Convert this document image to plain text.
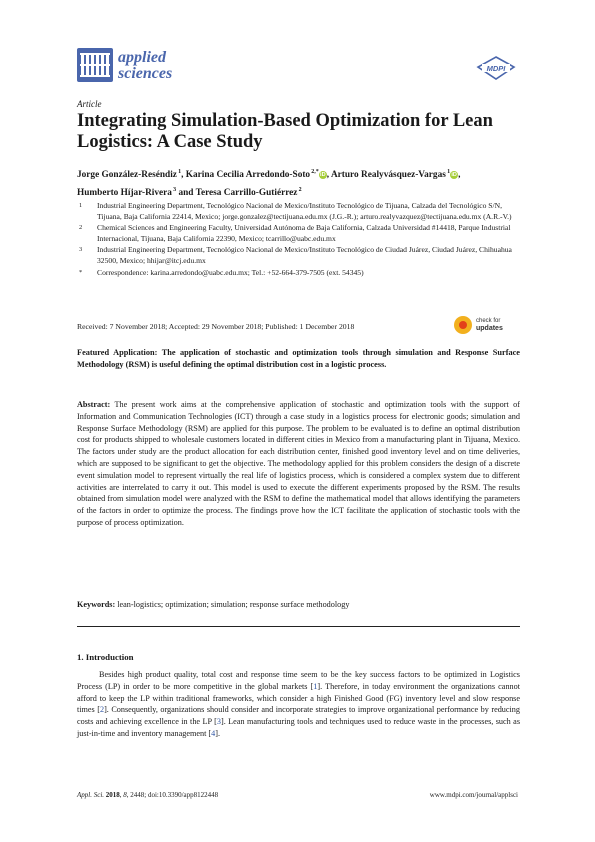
applied
sciences	MDPI
Article
Integrating Simulation-Based Optimization for Lean Logistics: A Case Study
Jorge González-Reséndiz $^1$, Karina Cecilia Arredondo-Soto $^{2,*}$iD, Arturo Realyvásquez-Vargas $^1$iD,
Humberto Híjar-Rivera $^3$ and Teresa Carrillo-Gutiérrez $^2$
1	Industrial Engineering Department, Tecnológico Nacional de Mexico/Instituto Tecnológico de Tijuana, Calzada del Tecnológico S/N, Tijuana, Baja California 22414, Mexico; jorge.gonzalez@tectijuana.edu.mx (J.G.-R.); arturo.realyvazquez@tectijuana.edu.mx (A.R.-V.)
2	Chemical Sciences and Engineering Faculty, Universidad Autónoma de Baja California, Calzada Universidad #14418, Parque Industrial Internacional, Tijuana, Baja California 22390, Mexico; tcarrillo@uabc.edu.mx
3	Industrial Engineering Department, Tecnológico Nacional de Mexico/Instituto Tecnológico de Ciudad Juárez, Ciudad Juárez, Chihuahua 32500, Mexico; hhijar@itcj.edu.mx
*	Correspondence: karina.arredondo@uabc.edu.mx; Tel.: +52-664-379-7505 (ext. 54345)
Received: 7 November 2018; Accepted: 29 November 2018; Published: 1 December 2018
check for
updates
Featured Application: The application of stochastic and optimization tools through simulation and Response Surface Methodology (RSM) is useful defining the optimal distribution cost in a logistic process.
Abstract: The present work aims at the comprehensive application of stochastic and optimization tools with the support of Information and Communication Technologies (ICT) through a case study in a logistics process for electronic goods; simulation and Response Surface Methodology (RSM) are applied for this purpose. The problem to be evaluated is to define an optimal distribution cost for products shipped to wholesale customers located in different cities in Mexico from a manufacturing plant in Tijuana, Mexico. The factors under study are the product allocation for each distribution center, finished good inventory level and on time deliveries, which are supposed to be significant to get the objective. The methodology applied for this problem considers the design of a discrete event simulation model to represent virtually the real life of logistics process, which is considered a complex system due to different activities are interrelated to carry it out. This model is used to execute the different experiments proposed by the RSM. The results obtained from simulation model were analyzed with the RSM to define the mathematical model that allows identifying the parameters of the factors in order to optimize the process. The findings prove how the ICT facilitate the application of stochastic tools with the purpose of process optimization.
Keywords: lean-logistics; optimization; simulation; response surface methodology
1. Introduction
Besides high product quality, total cost and response time seem to be the key success factors to be optimized in Logistics Process (LP) in order to be more competitive in the global markets [1]. Therefore, in today environment the organizations cannot afford to keep the LP within traditional frameworks, which consider a high Finished Good (FG) inventory level and slow response times [2]. Consequently, organizations should consider and incorporate strategies to improve organizational performance by reducing costs and achieving excellence in the LP [3]. Lean manufacturing tools and techniques used to reduce waste in the processes, such as just-in-time and inventory management [4].
Appl. Sci. 2018, 8, 2448; doi:10.3390/app8122448	www.mdpi.com/journal/applsci
